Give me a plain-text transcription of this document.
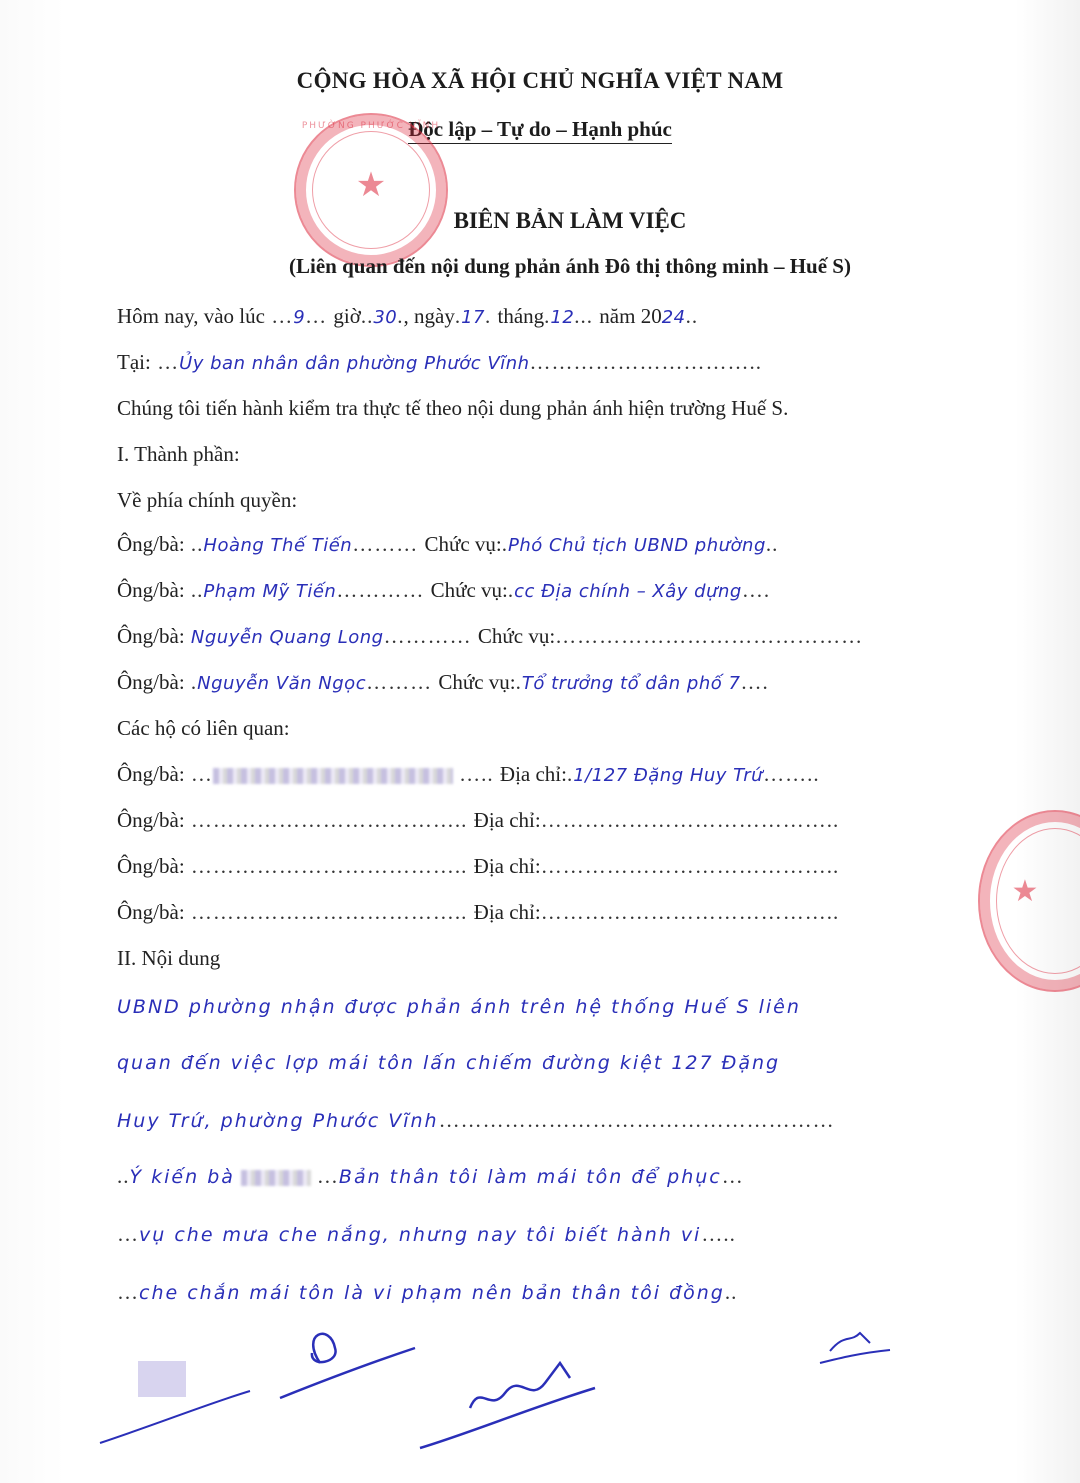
CỘNG HÒA XÃ HỘI CHỦ NGHĨA VIỆT NAM
Độc lập – Tự do – Hạnh phúc
PHƯỜNG PHƯỚC VĨNH
★
BIÊN BẢN LÀM VIỆC
(Liên quan đến nội dung phản ánh Đô thị thông minh – Huế S)
Hôm nay, vào lúc …9… giờ..30., ngày.17. tháng.12... năm 2024..
Tại: …Ủy ban nhân dân phường Phước Vĩnh…………………………..
Chúng tôi tiến hành kiểm tra thực tế theo nội dung phản ánh hiện trường Huế S.
I. Thành phần:
Về phía chính quyền:
Ông/bà: ..Hoàng Thế Tiến……… Chức vụ:.Phó Chủ tịch UBND phường..
Ông/bà: ..Phạm Mỹ Tiến………… Chức vụ:.cc Địa chính – Xây dựng….
Ông/bà: Nguyễn Quang Long………… Chức vụ:……………………………………
Ông/bà: .Nguyễn Văn Ngọc……… Chức vụ:.Tổ trưởng tổ dân phố 7….
Các hộ có liên quan:
Ông/bà: …	….. Địa chỉ:.1/127 Đặng Huy Trứ……..
Ông/bà: ……………………………….. Địa chỉ:…………………………………..
Ông/bà: ……………………………….. Địa chỉ:…………………………………..
Ông/bà: ……………………………….. Địa chỉ:…………………………………..
★
II. Nội dung
UBND phường nhận được phản ánh trên hệ thống Huế S liên
quan đến việc lợp mái tôn lấn chiếm đường kiệt 127 Đặng
Huy Trứ, phường Phước Vĩnh………………………………………………
..Ý kiến bà	…Bản thân tôi làm mái tôn để phục…
…vụ che mưa che nắng, nhưng nay tôi biết hành vi…..
…che chắn mái tôn là vi phạm nên bản thân tôi đồng..
